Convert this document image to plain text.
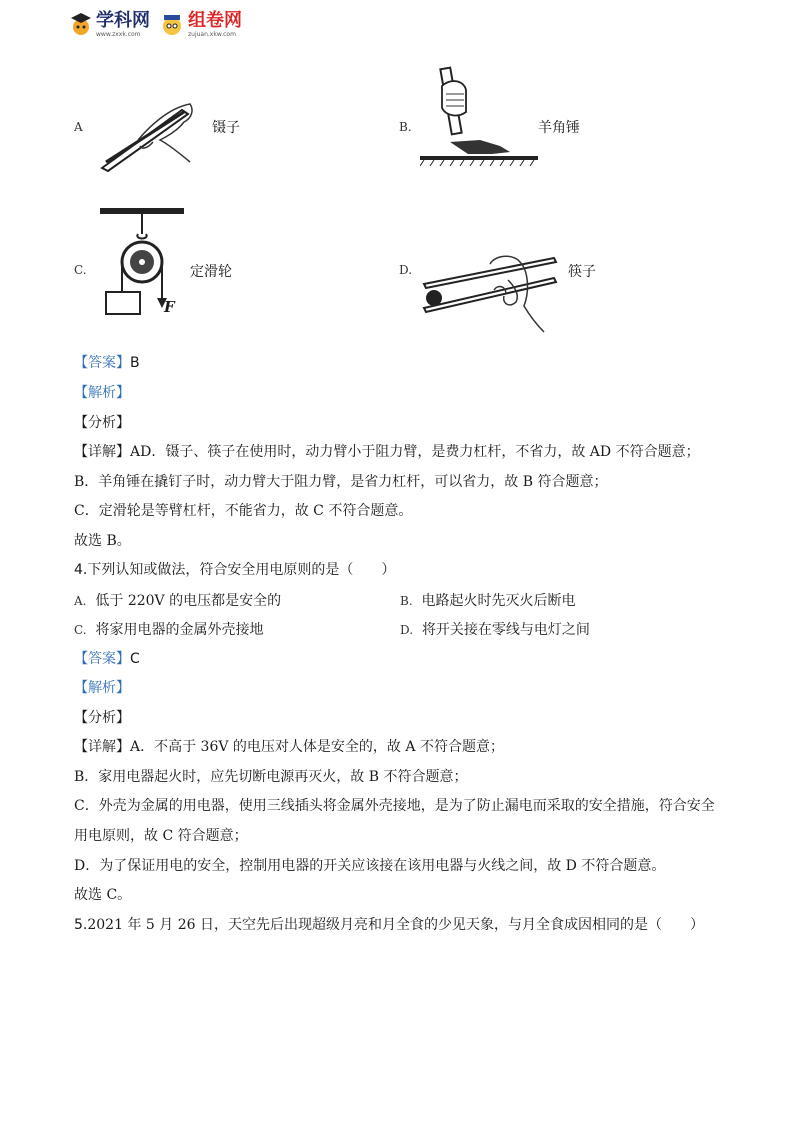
学科网
www.zxxk.com
组卷网
zujuan.xkw.com
A	镊子	B.	羊角锤
C.
F
定滑轮	D.	筷子
【答案】B
【解析】
【分析】
【详解】AD．镊子、筷子在使用时，动力臂小于阻力臂，是费力杠杆，不省力，故 AD 不符合题意；
B．羊角锤在撬钉子时，动力臂大于阻力臂，是省力杠杆，可以省力，故 B 符合题意；
C．定滑轮是等臂杠杆，不能省力，故 C 不符合题意。
故选 B。
4.下列认知或做法，符合安全用电原则的是（　　）
A. 低于 220V 的电压都是安全的	B. 电路起火时先灭火后断电
C. 将家用电器的金属外壳接地	D. 将开关接在零线与电灯之间
【答案】C
【解析】
【分析】
【详解】A．不高于 36V 的电压对人体是安全的，故 A 不符合题意；
B．家用电器起火时，应先切断电源再灭火，故 B 不符合题意；
C．外壳为金属的用电器，使用三线插头将金属外壳接地，是为了防止漏电而采取的安全措施，符合安全
用电原则，故 C 符合题意；
D．为了保证用电的安全，控制用电器的开关应该接在该用电器与火线之间，故 D 不符合题意。
故选 C。
5.2021 年 5 月 26 日，天空先后出现超级月亮和月全食的少见天象，与月全食成因相同的是（　　）
